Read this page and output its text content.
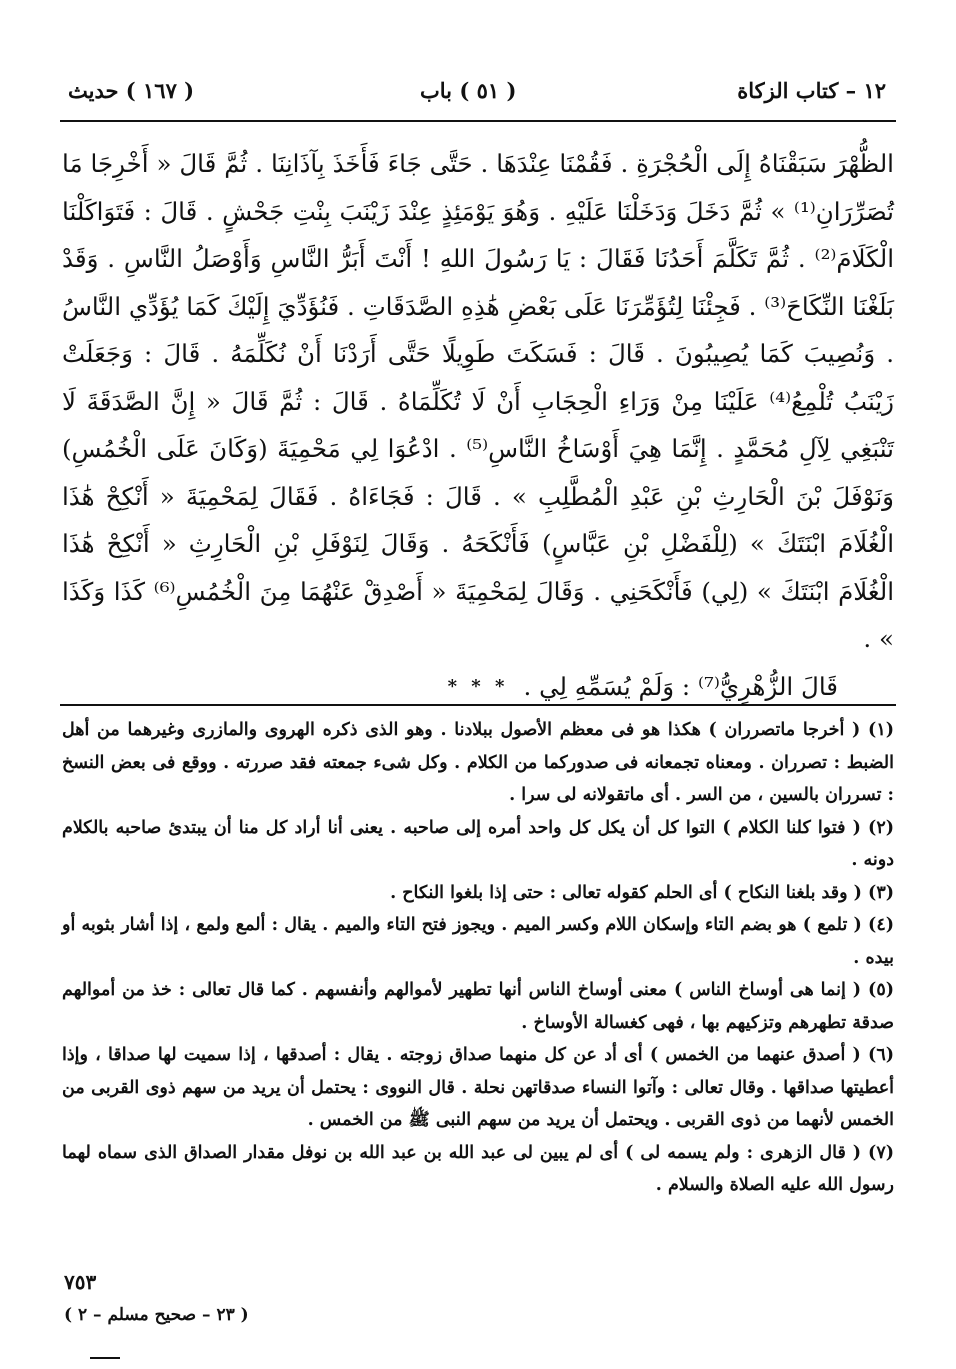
١٢ – كتاب الزكاة
( ٥١ ) باب
( ١٦٧ ) حديث

الظُّهْرَ سَبَقْنَاهُ إِلَى الْحُجْرَةِ . فَقُمْنَا عِنْدَهَا . حَتَّى جَاءَ فَأَخَذَ بِآذَانِنَا . ثُمَّ قَالَ « أَخْرِجَا مَا تُصَرِّرَانِ⁽¹⁾ » ثُمَّ دَخَلَ وَدَخَلْنَا عَلَيْهِ . وَهُوَ يَوْمَئِذٍ عِنْدَ زَيْنَبَ بِنْتِ جَحْشٍ . قَالَ : فَتَوَاكَلْنَا الْكَلَامَ⁽²⁾ . ثُمَّ تَكَلَّمَ أَحَدُنَا فَقَالَ : يَا رَسُولَ اللهِ ! أَنْتَ أَبَرُّ النَّاسِ وَأَوْصَلُ النَّاسِ . وَقَدْ بَلَغْنَا النِّكَاحَ⁽³⁾ . فَجِئْنَا لِتُؤَمِّرَنَا عَلَى بَعْضِ هَٰذِهِ الصَّدَقَاتِ . فَنُؤَدِّيَ إِلَيْكَ كَمَا يُؤَدِّي النَّاسُ . وَنُصِيبَ كَمَا يُصِيبُونَ . قَالَ : فَسَكَتَ طَوِيلًا حَتَّى أَرَدْنَا أَنْ نُكَلِّمَهُ . قَالَ : وَجَعَلَتْ زَيْنَبُ تُلْمِعُ⁽⁴⁾ عَلَيْنَا مِنْ وَرَاءِ الْحِجَابِ أَنْ لَا تُكَلِّمَاهُ . قَالَ : ثُمَّ قَالَ « إِنَّ الصَّدَقَةَ لَا تَنْبَغِي لِآلِ مُحَمَّدٍ . إِنَّمَا هِيَ أَوْسَاخُ النَّاسِ⁽⁵⁾ . ادْعُوَا لِي مَحْمِيَةَ (وَكَانَ عَلَى الْخُمُسِ) وَنَوْفَلَ بْنَ الْحَارِثِ بْنِ عَبْدِ الْمُطَّلِبِ » . قَالَ : فَجَاءَاهُ . فَقَالَ لِمَحْمِيَةَ « أَنْكِحْ هَٰذَا الْغُلَامَ ابْنَتَكَ » (لِلْفَضْلِ بْنِ عَبَّاسٍ) فَأَنْكَحَهُ . وَقَالَ لِنَوْفَلِ بْنِ الْحَارِثِ « أَنْكِحْ هَٰذَا الْغُلَامَ ابْنَتَكَ » (لِي) فَأَنْكَحَنِي . وَقَالَ لِمَحْمِيَةَ « أَصْدِقْ عَنْهُمَا مِنَ الْخُمُسِ⁽⁶⁾ كَذَا وَكَذَا » .

قَالَ الزُّهْرِيُّ⁽⁷⁾ : وَلَمْ يُسَمِّهِ لِي .

* * *

(١) ( أخرجا ماتصرران ) هكذا هو فى معظم الأصول ببلادنا . وهو الذى ذكره الهروى والمازرى وغيرهما من أهل الضبط : تصرران . ومعناه تجمعانه فى صدوركما من الكلام . وكل شىء جمعته فقد صررته . ووقع فى بعض النسخ : تسرران بالسين ، من السر . أى ماتقولانه لى سرا .

(٢) ( فتوا كلنا الكلام ) التوا كل أن يكل كل واحد أمره إلى صاحبه . يعنى أنا أراد كل منا أن يبتدئ صاحبه بالكلام دونه .

(٣) ( وقد بلغنا النكاح ) أى الحلم كقوله تعالى : حتى إذا بلغوا النكاح .

(٤) ( تلمع ) هو بضم التاء وإسكان اللام وكسر الميم . ويجوز فتح التاء والميم . يقال : ألمع ولمع ، إذا أشار بثوبه أو بيده .

(٥) ( إنما هى أوساخ الناس ) معنى أوساخ الناس أنها تطهير لأموالهم وأنفسهم . كما قال تعالى : خذ من أموالهم صدقة تطهرهم وتزكيهم بها ، فهى كغسالة الأوساخ .

(٦) ( أصدق عنهما من الخمس ) أى أد عن كل منهما صداق زوجته . يقال : أصدقها ، إذا سميت لها صداقا ، وإذا أعطيتها صداقها . وقال تعالى : وآتوا النساء صدقاتهن نحلة . قال النووى : يحتمل أن يريد من سهم ذوى القربى من الخمس لأنهما من ذوى القربى . ويحتمل أن يريد من سهم النبى ﷺ من الخمس .

(٧) ( قال الزهرى : ولم يسمه لى ) أى لم يبين لى عبد الله بن عبد الله بن نوفل مقدار الصداق الذى سماه لهما رسول الله عليه الصلاة والسلام .

٧٥٣
( ٢٣ – صحيح مسلم – ٢ )
